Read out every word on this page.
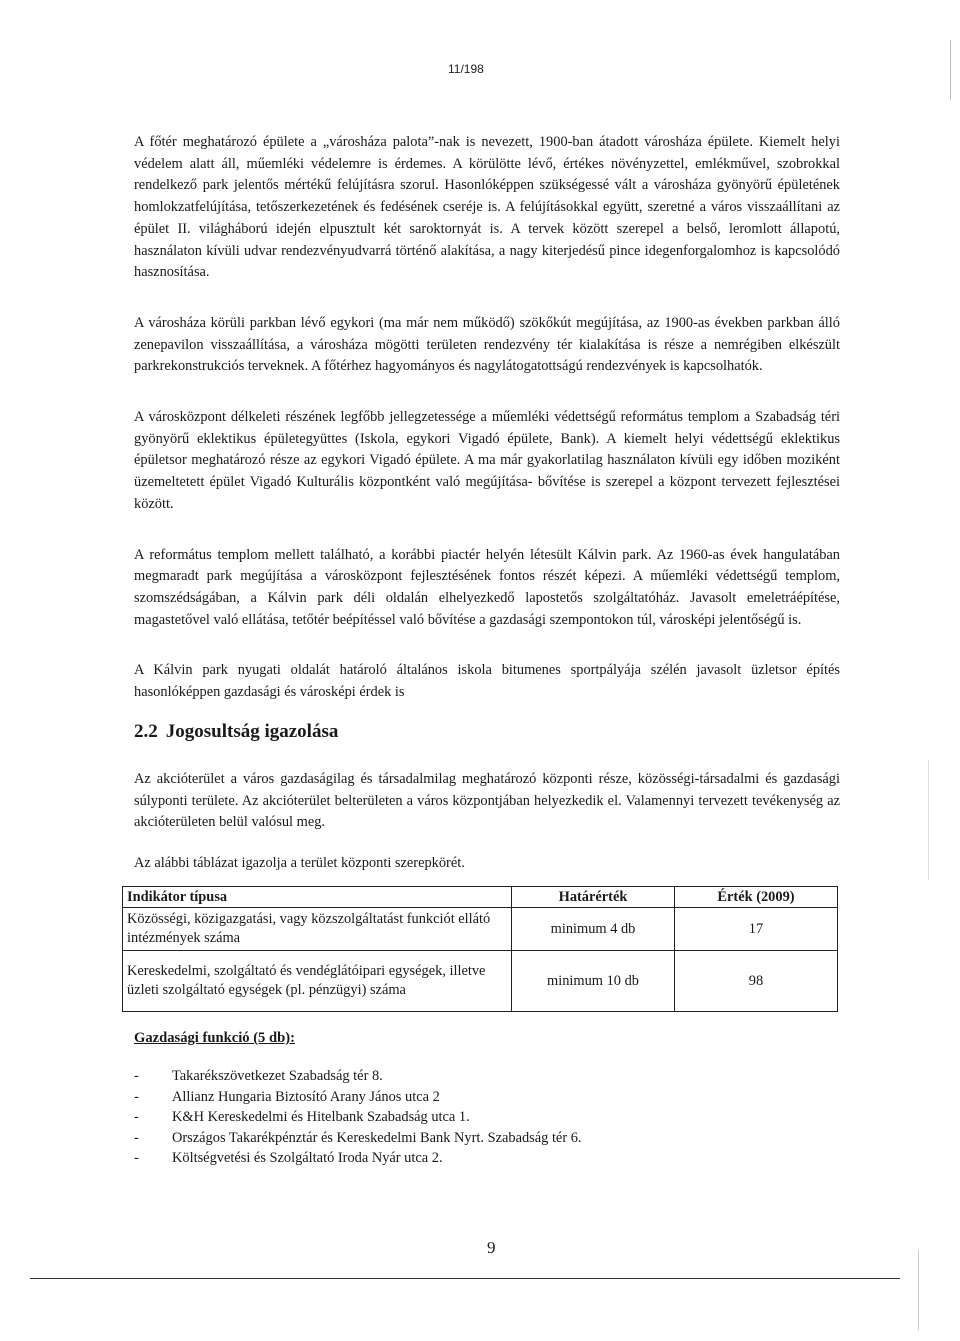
11/198

A főtér meghatározó épülete a „városháza palota”-nak is nevezett, 1900-ban átadott városháza épülete. Kiemelt helyi védelem alatt áll, műemléki védelemre is érdemes. A körülötte lévő, értékes növényzettel, emlékművel, szobrokkal rendelkező park jelentős mértékű felújításra szorul. Hasonlóképpen szükségessé vált a városháza gyönyörű épületének homlokzatfelújítása, tetőszerkezetének és fedésének cseréje is. A felújításokkal együtt, szeretné a város visszaállítani az épület II. világháború idején elpusztult két saroktornyát is. A tervek között szerepel a belső, leromlott állapotú, használaton kívüli udvar rendezvényudvarrá történő alakítása, a nagy kiterjedésű pince idegenforgalomhoz is kapcsolódó hasznosítása.

A városháza körüli parkban lévő egykori (ma már nem működő) szökőkút megújítása, az 1900-as években parkban álló zenepavilon visszaállítása, a városháza mögötti területen rendezvény tér kialakítása is része a nemrégiben elkészült parkrekonstrukciós terveknek. A főtérhez hagyományos és nagylátogatottságú rendezvények is kapcsolhatók.

A városközpont délkeleti részének legfőbb jellegzetessége a műemléki védettségű református templom a Szabadság téri gyönyörű eklektikus épületegyüttes (Iskola, egykori Vigadó épülete, Bank). A kiemelt helyi védettségű eklektikus épületsor meghatározó része az egykori Vigadó épülete. A ma már gyakorlatilag használaton kívüli egy időben moziként üzemeltetett épület Vigadó Kulturális központként való megújítása- bővítése is szerepel a központ tervezett fejlesztései között.

A református templom mellett található, a korábbi piactér helyén létesült Kálvin park. Az 1960-as évek hangulatában megmaradt park megújítása a városközpont fejlesztésének fontos részét képezi. A műemléki védettségű templom, szomszédságában, a Kálvin park déli oldalán elhelyezkedő lapostetős szolgáltatóház. Javasolt emeletráépítése, magastetővel való ellátása, tetőtér beépítéssel való bővítése a gazdasági szempontokon túl, városképi jelentőségű is.

A Kálvin park nyugati oldalát határoló általános iskola bitumenes sportpályája szélén javasolt üzletsor építés hasonlóképpen gazdasági és városképi érdek is

2.2 Jogosultság igazolása

Az akcióterület a város gazdaságilag és társadalmilag meghatározó központi része, közösségi-társadalmi és gazdasági súlyponti területe. Az akcióterület belterületen a város központjában helyezkedik el. Valamennyi tervezett tevékenység az akcióterületen belül valósul meg.

Az alábbi táblázat igazolja a terület központi szerepkörét.

Indikátor típusa	Határérték	Érték (2009)
Közösségi, közigazgatási, vagy közszolgáltatást funkciót ellátó intézmények száma	minimum 4 db	17
Kereskedelmi, szolgáltató és vendéglátóipari egységek, illetve üzleti szolgáltató egységek (pl. pénzügyi) száma	minimum 10 db	98
Gazdasági funkció (5 db):
-	Takarékszövetkezet Szabadság tér 8.
-	Allianz Hungaria Biztosító Arany János utca 2
-	K&H Kereskedelmi és Hitelbank Szabadság utca 1.
-	Országos Takarékpénztár és Kereskedelmi Bank Nyrt. Szabadság tér 6.
-	Költségvetési és Szolgáltató Iroda Nyár utca 2.
9
